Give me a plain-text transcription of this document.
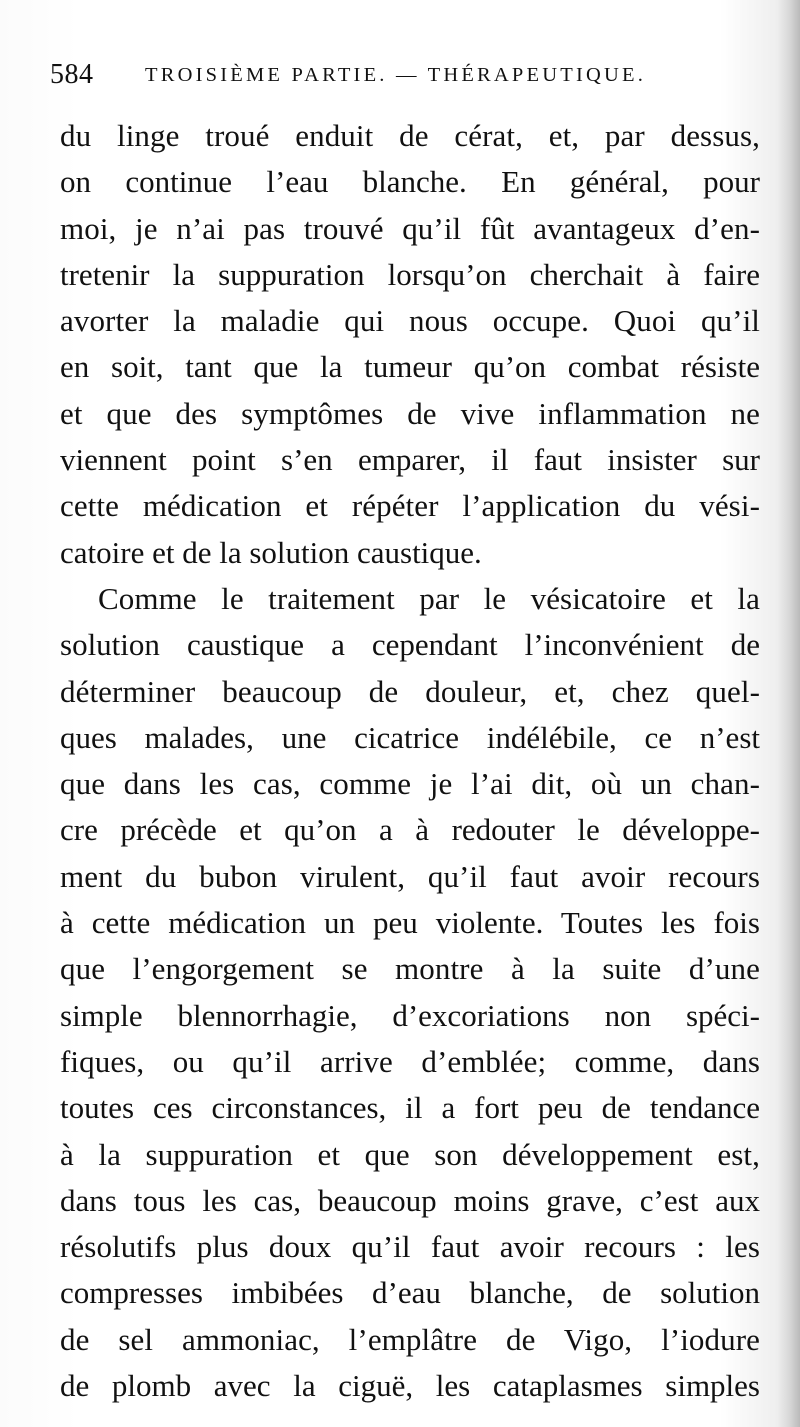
584	TROISIÈME PARTIE. — THÉRAPEUTIQUE.
du linge troué enduit de cérat, et, par dessus,
on continue l’eau blanche. En général, pour
moi, je n’ai pas trouvé qu’il fût avantageux d’en-
tretenir la suppuration lorsqu’on cherchait à faire
avorter la maladie qui nous occupe. Quoi qu’il
en soit, tant que la tumeur qu’on combat résiste
et que des symptômes de vive inflammation ne
viennent point s’en emparer, il faut insister sur
cette médication et répéter l’application du vési-
catoire et de la solution caustique.
Comme le traitement par le vésicatoire et la
solution caustique a cependant l’inconvénient de
déterminer beaucoup de douleur, et, chez quel-
ques malades, une cicatrice indélébile, ce n’est
que dans les cas, comme je l’ai dit, où un chan-
cre précède et qu’on a à redouter le développe-
ment du bubon virulent, qu’il faut avoir recours
à cette médication un peu violente. Toutes les fois
que l’engorgement se montre à la suite d’une
simple blennorrhagie, d’excoriations non spéci-
fiques, ou qu’il arrive d’emblée; comme, dans
toutes ces circonstances, il a fort peu de tendance
à la suppuration et que son développement est,
dans tous les cas, beaucoup moins grave, c’est aux
résolutifs plus doux qu’il faut avoir recours : les
compresses imbibées d’eau blanche, de solution
de sel ammoniac, l’emplâtre de Vigo, l’iodure
de plomb avec la ciguë, les cataplasmes simples
